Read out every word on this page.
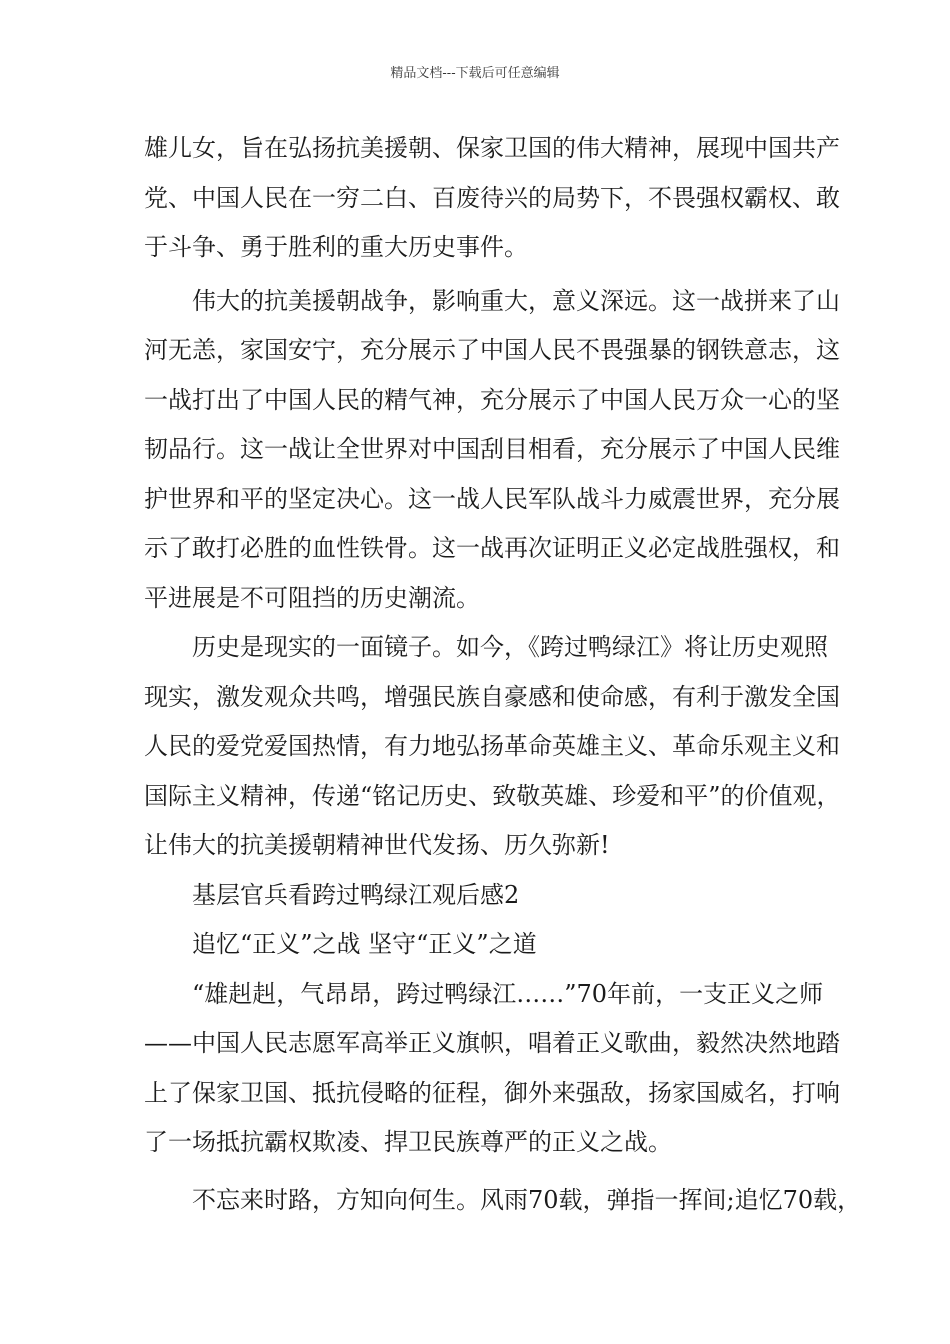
精品文档---下载后可任意编辑
雄儿女，旨在弘扬抗美援朝、保家卫国的伟大精神，展现中国共产
党、中国人民在一穷二白、百废待兴的局势下，不畏强权霸权、敢
于斗争、勇于胜利的重大历史事件。
伟大的抗美援朝战争，影响重大，意义深远。这一战拼来了山
河无恙，家国安宁，充分展示了中国人民不畏强暴的钢铁意志，这
一战打出了中国人民的精气神，充分展示了中国人民万众一心的坚
韧品行。这一战让全世界对中国刮目相看，充分展示了中国人民维
护世界和平的坚定决心。这一战人民军队战斗力威震世界，充分展
示了敢打必胜的血性铁骨。这一战再次证明正义必定战胜强权，和
平进展是不可阻挡的历史潮流。
历史是现实的一面镜子。如今，《跨过鸭绿江》将让历史观照
现实，激发观众共鸣，增强民族自豪感和使命感，有利于激发全国
人民的爱党爱国热情，有力地弘扬革命英雄主义、革命乐观主义和
国际主义精神，传递“铭记历史、致敬英雄、珍爱和平”的价值观，
让伟大的抗美援朝精神世代发扬、历久弥新!
基层官兵看跨过鸭绿江观后感2
追忆“正义”之战 坚守“正义”之道
“雄赳赳，气昂昂，跨过鸭绿江……”70年前，一支正义之师
——中国人民志愿军高举正义旗帜，唱着正义歌曲，毅然决然地踏
上了保家卫国、抵抗侵略的征程，御外来强敌，扬家国威名，打响
了一场抵抗霸权欺凌、捍卫民族尊严的正义之战。
不忘来时路，方知向何生。风雨70载，弹指一挥间;追忆70载，
